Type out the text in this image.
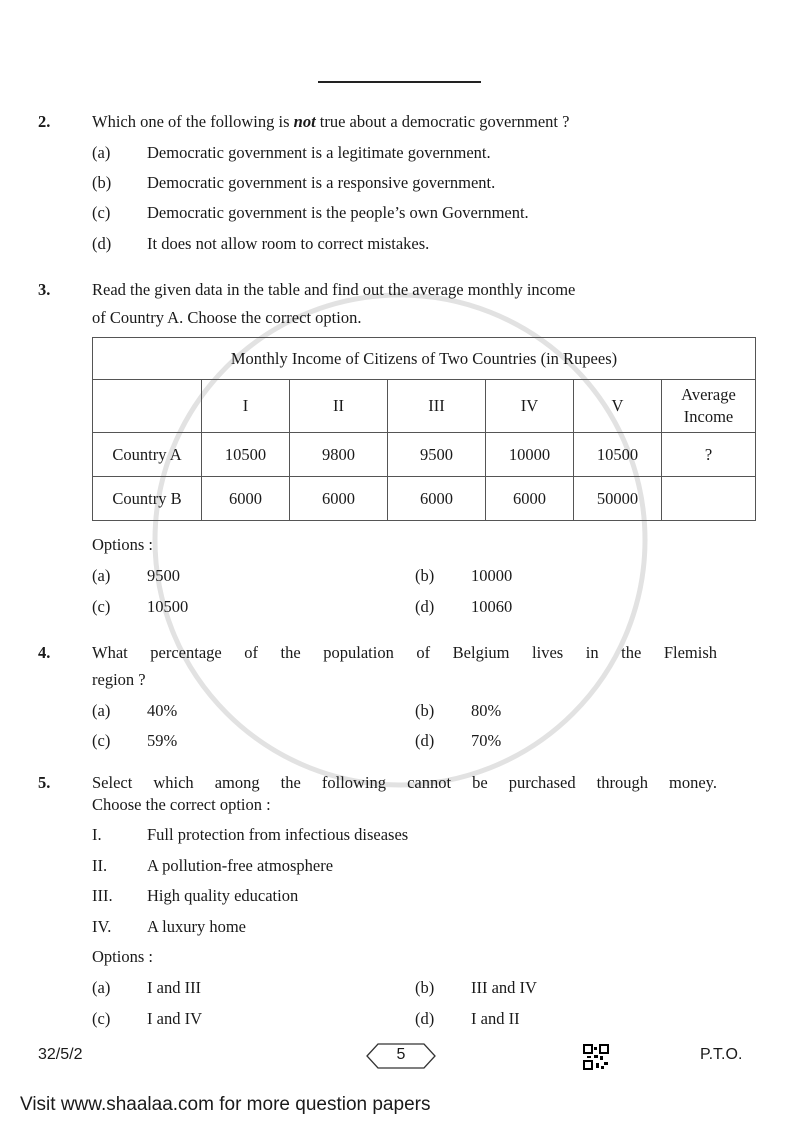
2.	Which one of the following is not true about a democratic government ?
3.	Read the given data in the table and find out the average monthly income
of Country A. Choose the correct option.
Monthly Income of Citizens of Two Countries (in Rupees)						
	I	II	III	IV	V	Average Income
Country A	10500	9800	9500	10000	10500	?
Country B	6000	6000	6000	6000	50000	
Options :
4.	What percentage of the population of Belgium lives in the Flemish
region ?
5.	Select which among the following cannot be purchased through money.
Choose the correct option :
Options :
(a) Democratic government is a legitimate government.
(b) Democratic government is a responsive government.
(c) Democratic government is the people’s own Government.
(d) It does not allow room to correct mistakes.
(a) 9500	(b) 10000
(c) 10500	(d) 10060
(a) 40%	(b) 80%
(c) 59%	(d) 70%
(a) I and III	(b) III and IV
(c) I and IV	(d) I and II
I.	Full protection from infectious diseases
II. A pollution-free atmosphere
III. High quality education
IV. A luxury home
32/5/2	5	P.T.O.
Visit www.shaalaa.com for more question papers
